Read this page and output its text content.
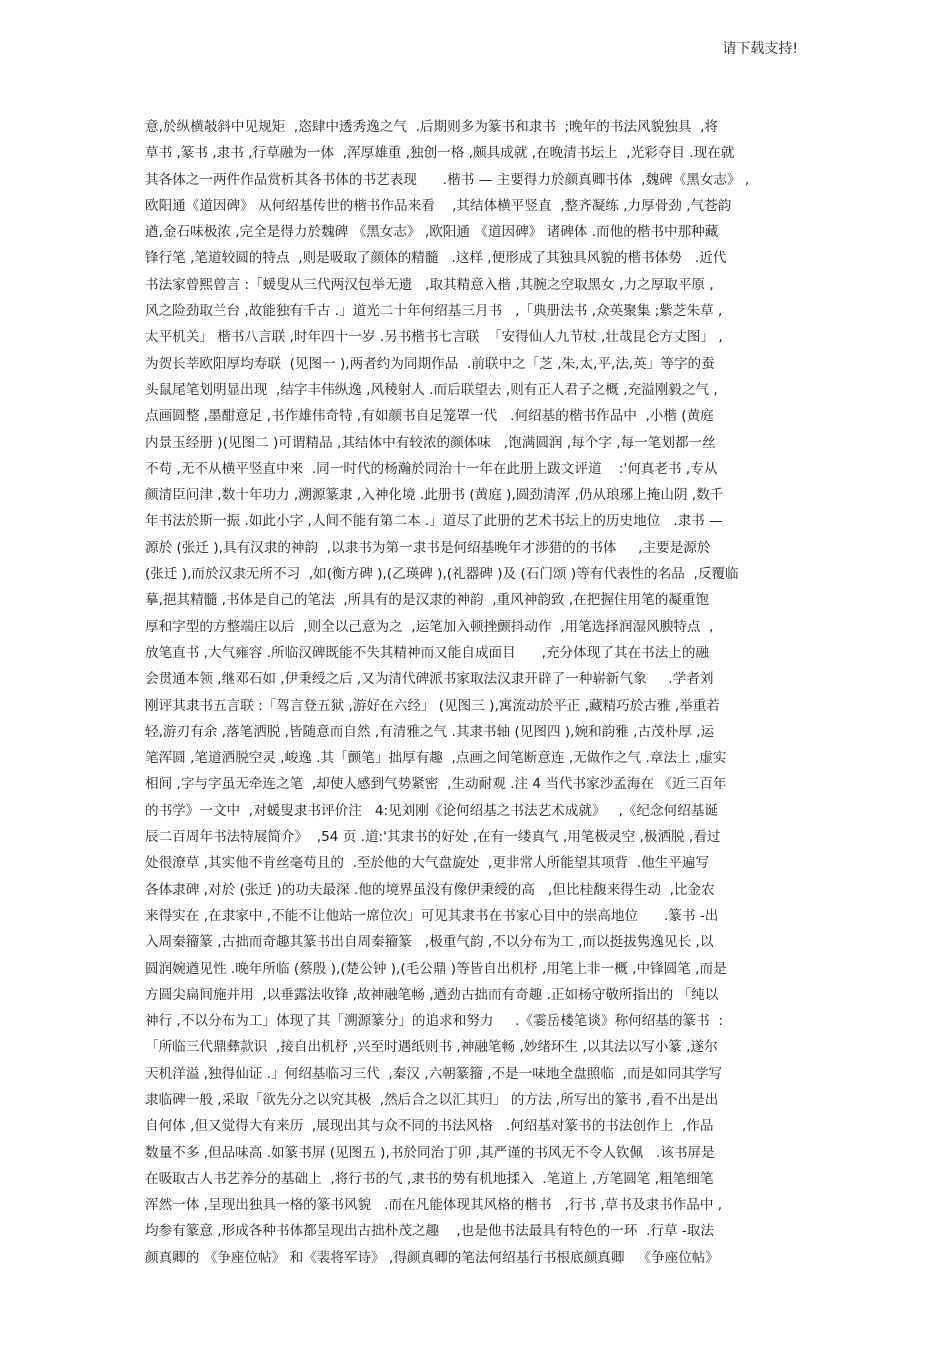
请下载支持!
意,於纵横攲斜中见规矩  ,恣肆中透秀逸之气  .后期则多为篆书和隶书  ;晚年的书法风貌独具  ,将
草书 ,篆书 ,隶书 ,行草融为一体  ,浑厚雄重 ,独创一格 ,颇具成就 ,在晚清书坛上  ,光彩夺目 .现在就
其各体之一两件作品赏析其各书体的书艺表现      .楷书 — 主要得力於颜真卿书体  ,魏碑《黑女志》 ,
欧阳通《道因碑》 从何绍基传世的楷书作品来看    ,其结体横平竖直  ,整齐凝练 ,力厚骨劲 ,气苍韵
遒,金石味极浓 ,完全是得力於魏碑 《黑女志》 ,欧阳通 《道因碑》 诸碑体 .而他的楷书中那种藏
锋行笔 ,笔道较圆的特点  ,则是吸取了颜体的精髓   .这样 ,便形成了其独具风貌的楷书体势   .近代
书法家曾熙曾言 :「蝯叟从三代两汉包举无遗   ,取其精意入楷 ,其腕之空取黑女 ,力之厚取平原 ,
风之险劲取兰台 ,故能独有千古 .」道光二十年何绍基三月书   ,「典册法书 ,众英聚集 ;紫芝朱草 ,
太平机关」 楷书八言联 ,时年四十一岁 .另书楷书七言联  「安得仙人九节杖 ,壮哉昆仑方丈图」 ,
为贺长莘欧阳厚均寿联  (见图一 ),两者约为同期作品  .前联中之「芝 ,朱,太,平,法,英」等字的蚕
头鼠尾笔划明显出现  ,结字丰伟纵逸 ,风稜射人 .而后联望去 ,则有正人君子之概 ,充溢刚毅之气 ,
点画圆整 ,墨酣意足 ,书作雄伟奇特 ,有如颜书自足笼罩一代   .何绍基的楷书作品中  ,小楷 (黄庭
内景玉经册 )(见图二 )可谓精品 ,其结体中有较浓的颜体味   ,饱满圆润 ,每个字 ,每一笔划都一丝
不苟 ,无不从横平竖直中来  .同一时代的杨瀚於同治十一年在此册上跋文评道    :'何真老书 ,专从
颜清臣问津 ,数十年功力 ,溯源篆隶 ,入神化境 .此册书 (黄庭 ),圆劲清浑 ,仍从琅琊上掩山阴 ,数千
年书法於斯一振 .如此小字 ,人间不能有第二本 .」道尽了此册的艺术书坛上的历史地位   .隶书 —
源於 (张迁 ),具有汉隶的神韵  ,以隶书为第一隶书是何绍基晚年才涉猎的的书体     ,主要是源於
(张迁 ),而於汉隶无所不习  ,如(衡方碑 ),(乙瑛碑 ),(礼器碑 )及 (石门颂 )等有代表性的名品  ,反覆临
摹,挹其精髓 ,书体是自己的笔法  ,所具有的是汉隶的神韵  ,重风神韵致 ,在把握住用笔的凝重饱
厚和字型的方整端庄以后  ,则全以己意为之  ,运笔加入顿挫颤抖动作  ,用笔选择润湿风腴特点  ,
放笔直书 ,大气雍容 .所临汉碑既能不失其精神而又能自成面目      ,充分体现了其在书法上的融
会贯通本领 ,继邓石如 ,伊秉绶之后 ,又为清代碑派书家取法汉隶开辟了一种崭新气象     .学者刘
刚评其隶书五言联 :「驾言登五狱 ,游好在六经」 (见图三 ),寓流动於平正 ,藏精巧於古雅 ,举重若
轻,游刃有余 ,落笔洒脱 ,皆随意而自然 ,有清雅之气 .其隶书轴 (见图四 ),婉和韵雅 ,古茂朴厚 ,运
笔浑圆 ,笔道洒脱空灵 ,峻逸 .其「颤笔」拙厚有趣  ,点画之间笔断意连 ,无做作之气 .章法上 ,虚实
相间 ,字与字虽无牵连之笔  ,却使人感到气势紧密  ,生动耐观 .注 4 当代书家沙孟海在 《近三百年
的书学》一文中  ,对蝯叟隶书评价注   4:见刘刚《论何绍基之书法艺术成就》   ,《纪念何绍基诞
辰二百周年书法特展简介》  ,54 页 .道:'其隶书的好处 ,在有一缕真气 ,用笔极灵空 ,极洒脱 ,看过
处很潦草 ,其实他不肯丝毫苟且的  .至於他的大气盘旋处  ,更非常人所能望其项背  .他生平遍写
各体隶碑 ,对於 (张迁 )的功夫最深 .他的境界虽没有像伊秉绶的高   ,但比桂馥来得生动  ,比金农
来得实在 ,在隶家中 ,不能不让他站一席位次」可见其隶书在书家心目中的崇高地位      .篆书 -出
入周秦籀篆 ,古拙而奇趣其篆书出自周秦籀篆   ,极重气韵 ,不以分布为工 ,而以挺拔隽逸见长 ,以
圆润婉遒见性 .晚年所临 (蔡殷 ),(楚公钟 ),(毛公鼎 )等皆自出机杼 ,用笔上非一概 ,中锋圆笔 ,而是
方圆尖扁间施并用  ,以垂露法收锋 ,故神融笔畅 ,遒劲古拙而有奇趣 .正如杨守敬所指出的 「纯以
神行 ,不以分布为工」体现了其「溯源篆分」的追求和努力     .《霎岳楼笔谈》称何绍基的篆书  :
「所临三代鼎彝款识  ,接自出机杼 ,兴至时遇纸则书 ,神融笔畅 ,妙绪环生 ,以其法以写小篆 ,遂尔
天机洋溢 ,独得仙证 .」何绍基临习三代  ,秦汉 ,六朝篆籀 ,不是一味地全盘照临  ,而是如同其学写
隶临碑一般 ,采取「欲先分之以究其极  ,然后合之以汇其归」 的方法 ,所写出的篆书 ,看不出是出
自何体 ,但又觉得大有来历  ,展现出其与众不同的书法风格   .何绍基对篆书的书法创作上  ,作品
数量不多 ,但品味高 .如篆书屏 (见图五 ),书於同治丁卯 ,其严谨的书风无不令人钦佩   .该书屏是
在吸取古人书艺养分的基础上  ,将行书的气 ,隶书的势有机地揉入  .笔道上 ,方笔圆笔 ,粗笔细笔
浑然一体 ,呈现出独具一格的篆书风貌   .而在凡能体现其风格的楷书   ,行书 ,草书及隶书作品中 ,
均参有篆意 ,形成各种书体都呈现出古拙朴茂之趣    ,也是他书法最具有特色的一环  .行草 -取法
颜真卿的 《争座位帖》 和《裴将军诗》 ,得颜真卿的笔法何绍基行书根底颜真卿   《争座位帖》
